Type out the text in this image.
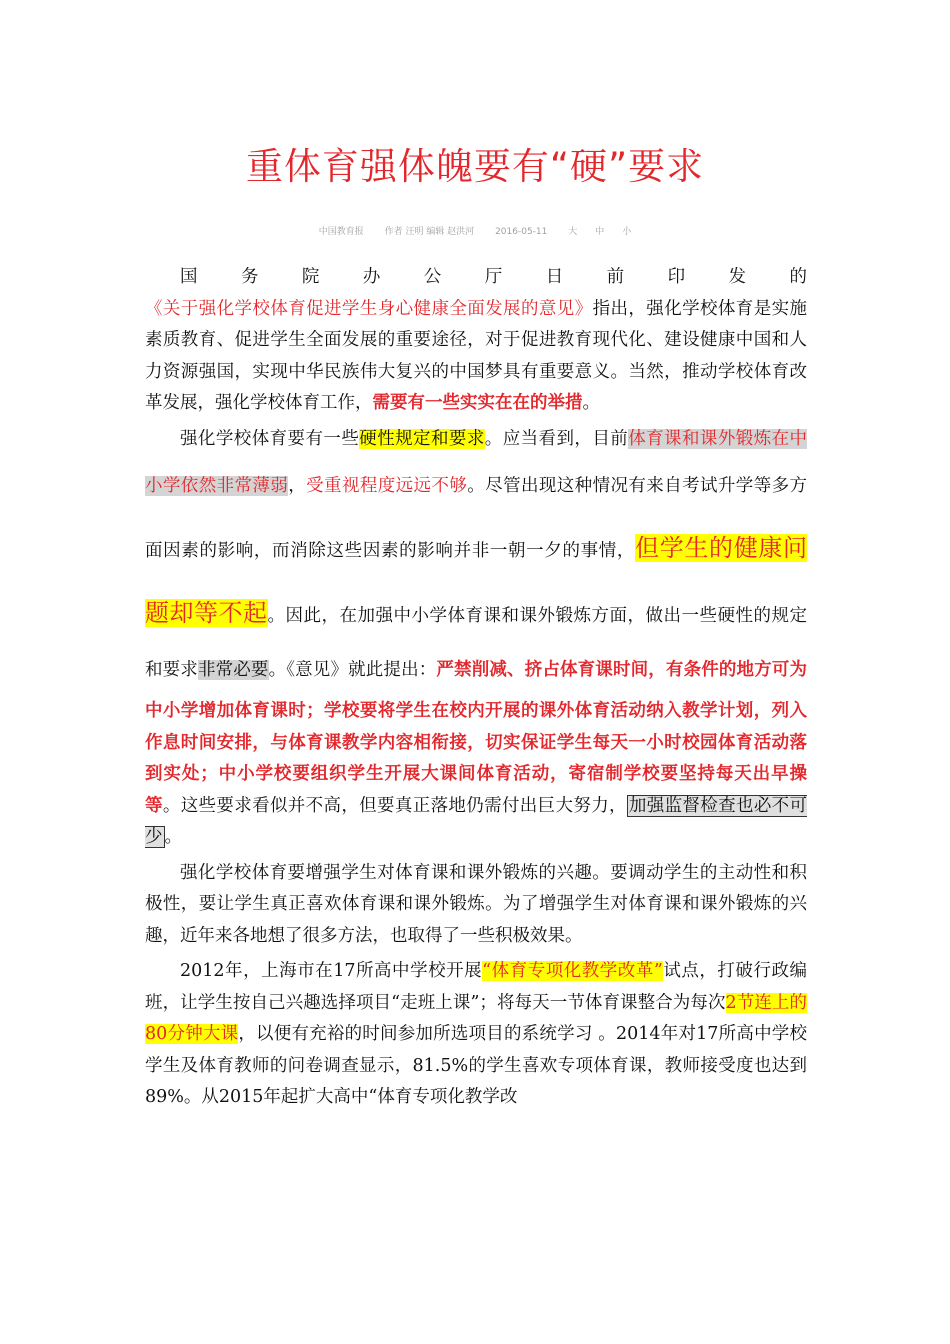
重体育强体魄要有“硬”要求
中国教育报 作者 汪明 编辑 赵洪河 2016-05-11 大 中 小

国务院办公厅日前印发的《关于强化学校体育促进学生身心健康全面发展的意见》指出，强化学校体育是实施素质教育、促进学生全面发展的重要途径，对于促进教育现代化、建设健康中国和人力资源强国，实现中华民族伟大复兴的中国梦具有重要意义。当然，推动学校体育改革发展，强化学校体育工作，需要有一些实实在在的举措。

强化学校体育要有一些硬性规定和要求。应当看到，目前体育课和课外锻炼在中小学依然非常薄弱，受重视程度远远不够。尽管出现这种情况有来自考试升学等多方面因素的影响，而消除这些因素的影响并非一朝一夕的事情，但学生的健康问题却等不起。因此，在加强中小学体育课和课外锻炼方面，做出一些硬性的规定和要求非常必要。《意见》就此提出：严禁削减、挤占体育课时间，有条件的地方可为中小学增加体育课时；学校要将学生在校内开展的课外体育活动纳入教学计划，列入作息时间安排，与体育课教学内容相衔接，切实保证学生每天一小时校园体育活动落到实处；中小学校要组织学生开展大课间体育活动，寄宿制学校要坚持每天出早操等。这些要求看似并不高，但要真正落地仍需付出巨大努力， 加强监督检查也必不可少 。

强化学校体育要增强学生对体育课和课外锻炼的兴趣。要调动学生的主动性和积极性，要让学生真正喜欢体育课和课外锻炼。为了增强学生对体育课和课外锻炼的兴趣，近年来各地想了很多方法，也取得了一些积极效果。

2012年，上海市在17所高中学校开展“体育专项化教学改革”试点，打破行政编班，让学生按自己兴趣选择项目“走班上课”；将每天一节体育课整合为每次2节连上的80分钟大课，以便有充裕的时间参加所选项目的系统学习 。2014年对17所高中学校学生及体育教师的问卷调查显示，81.5%的学生喜欢专项体育课，教师接受度也达到89%。从2015年起扩大高中“体育专项化教学改
